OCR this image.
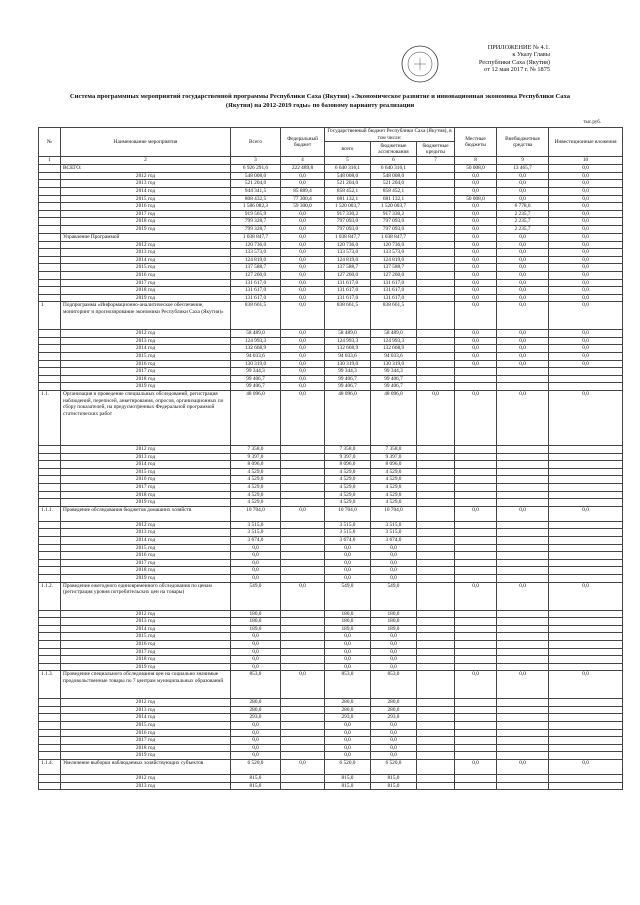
ПРИЛОЖЕНИЕ № 4.1.
к Указу Главы
Республики Саха (Якутия)
от 12 мая 2017 г. № 1875
Система программных мероприятий государственной программы Республики Саха (Якутия) «Экономическое развитие и инновационная экономика Республики Саха
(Якутия) на 2012-2019 годы» по базовому варианту реализации
тыс.руб.
№	Наименование мероприятия	Всего	Федеральный бюджет	Государственный бюджет Республики Саха (Якутия), в том числе:			Местные бюджеты	Внебюджетные средства	Инвестиционные вложения
				всего	бюджетные ассигнования	бюджетные кредиты			
1	2	3	4	5	6	7	8	9	10
	ВСЕГО:	6 926 291,6	222 489,8	6 640 316,1	6 640 316,1		50 008,0	13 465,7	0,0
	2012 год	548 008,0	0,0	548 008,0	548 008,0		0,0	0,0	0,0
	2013 год	521 204,0	0,0	521 204,0	521 204,0		0,0	0,0	0,0
	2014 год	944 341,5	85 889,4	858 452,1	858 452,1		0,0	0,0	0,0
	2015 год	808 432,5	77 300,4	681 132,1	681 132,1		50 008,0	0,0	0,0
	2016 год	1 586 082,3	59 300,0	1 520 003,7	1 520 003,7		0,0	6 778,6	0,0
	2017 год	919 565,9	0,0	917 330,2	917 330,2		0,0	2 235,7	0,0
	2018 год	799 328,7	0,0	797 093,0	797 093,0		0,0	2 235,7	0,0
	2019 год	799 328,7	0,0	797 093,0	797 093,0		0,0	2 235,7	0,0
	Управление Программой	1 038 847,7	0,0	1 038 847,7	1 038 847,7		0,0	0,0	0,0
	2012 год	120 736,0	0,0	120 736,0	120 736,0		0,0	0,0	0,0
	2013 год	133 573,0	0,0	133 573,0	133 573,0		0,0	0,0	0,0
	2014 год	124 819,0	0,0	124 819,0	124 819,0		0,0	0,0	0,0
	2015 год	137 588,7	0,0	137 588,7	137 588,7		0,0	0,0	0,0
	2016 год	127 260,0	0,0	127 260,0	127 260,0		0,0	0,0	0,0
	2017 год	131 617,0	0,0	131 617,0	131 617,0		0,0	0,0	0,0
	2018 год	131 617,0	0,0	131 617,0	131 617,0		0,0	0,0	0,0
	2019 год	131 617,0	0,0	131 617,0	131 617,0		0,0	0,0	0,0
1	Подпрограмма «Информационно-аналитическое обеспечение, мониторинг и прогнозирование экономики Республики Саха (Якутия)»	838 661,5	0,0	838 661,5	838 661,5		0,0	0,0	0,0
	2012 год	58 489,0	0,0	58 489,0	58 489,0		0,0	0,0	0,0
	2013 год	124 993,3	0,0	124 993,3	124 993,3		0,0	0,0	0,0
	2014 год	132 668,9	0,0	132 668,9	132 668,9		0,0	0,0	0,0
	2015 год	94 033,6	0,0	94 033,6	94 033,6		0,0	0,0	0,0
	2016 год	130 319,0	0,0	130 319,0	130 319,0		0,0	0,0	0,0
	2017 год	99 344,3	0,0	99 344,3	99 344,3				
	2018 год	99 406,7	0,0	99 406,7	99 406,7				
	2019 год	99 406,7	0,0	99 406,7	99 406,7				
1.1.	Организация и проведение специальных обследований, регистрация наблюдений, переписей, анкетирования, опросов, организационных по сбору показателей, на предусмотренных Федеральной программой статистических работ	48 096,0	0,0	48 096,0	48 096,0	0,0	0,0	0,0	0,0
	2012 год	7 358,0		7 358,0	7 358,0				
	2013 год	9 397,0		9 397,0	9 397,0				
	2014 год	8 096,0		8 096,0	8 096,0				
	2015 год	4 529,0		4 529,0	4 529,0				
	2016 год	4 529,0		4 529,0	4 529,0				
	2017 год	4 529,0		4 529,0	4 529,0				
	2018 год	4 529,0		4 529,0	4 529,0				
	2019 год	4 529,0		4 529,0	4 529,0				
1.1.1.	Проведение обследования бюджетов домашних хозяйств	10 704,0	0,0	10 704,0	10 704,0		0,0	0,0	0,0
	2012 год	3 515,0		3 515,0	3 515,0				
	2013 год	3 515,0		3 515,0	3 515,0				
	2014 год	3 674,0		3 674,0	3 674,0				
	2015 год	0,0		0,0	0,0				
	2016 год	0,0		0,0	0,0				
	2017 год	0,0		0,0	0,0				
	2018 год	0,0		0,0	0,0				
	2019 год	0,0		0,0	0,0				
1.1.2.	Проведение ежегодного единовременного обследования по ценам (регистрация уровня потребительских цен на товары)	549,0	0,0	549,0	549,0		0,0	0,0	0,0
	2012 год	180,0		180,0	180,0				
	2013 год	180,0		180,0	180,0				
	2014 год	189,0		189,0	189,0				
	2015 год	0,0		0,0	0,0				
	2016 год	0,0		0,0	0,0				
	2017 год	0,0		0,0	0,0				
	2018 год	0,0		0,0	0,0				
	2019 год	0,0		0,0	0,0				
1.1.3.	Проведение специального обследования цен на социально значимые продовольственные товары по 7 центрам муниципальных образований	853,0	0,0	853,0	853,0		0,0	0,0	0,0
	2012 год	280,0		280,0	280,0				
	2013 год	280,0		280,0	280,0				
	2014 год	293,0		293,0	293,0				
	2015 год	0,0		0,0	0,0				
	2016 год	0,0		0,0	0,0				
	2017 год	0,0		0,0	0,0				
	2018 год	0,0		0,0	0,0				
	2019 год	0,0		0,0	0,0				
1.1.4.	Увеличение выборки наблюдаемых хозяйствующих субъектов	6 520,0	0,0	6 520,0	6 520,0		0,0	0,0	0,0
	2012 год	815,0		815,0	815,0				
	2013 год	815,0		815,0	815,0				
